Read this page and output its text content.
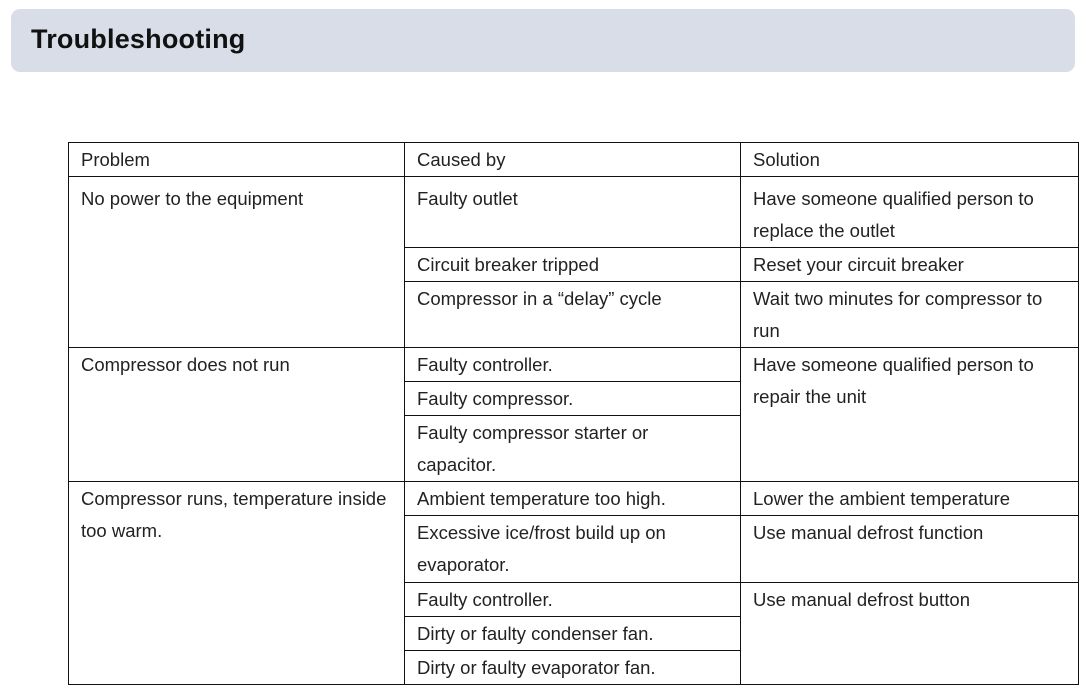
Troubleshooting
Problem	Caused by	Solution
No power to the equipment	Faulty outlet	Have someone qualified person to replace the outlet
	Circuit breaker tripped	Reset your circuit breaker
	Compressor in a “delay” cycle	Wait two minutes for compressor to run
Compressor does not run	Faulty controller.	Have someone qualified person to repair the unit
	Faulty compressor.	
	Faulty compressor starter or capacitor.	
Compressor runs, temperature inside too warm.	Ambient temperature too high.	Lower the ambient temperature
	Excessive ice/frost build up on evaporator.	Use manual defrost function
	Faulty controller.	Use manual defrost button
	Dirty or faulty condenser fan.	
	Dirty or faulty evaporator fan.	
